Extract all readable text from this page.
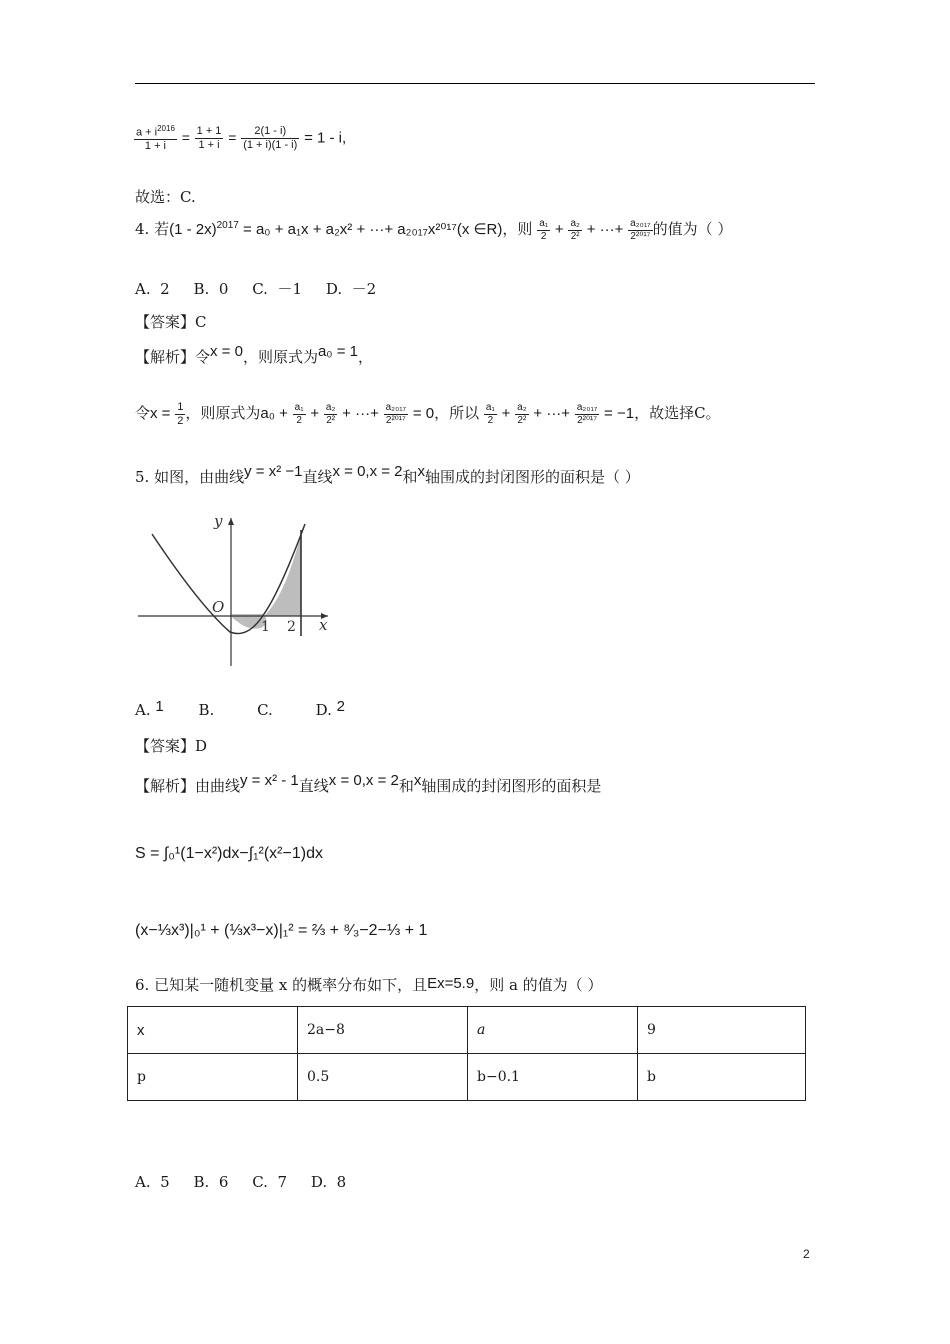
$\frac{a + i^{2016}}{1 + i} = \frac{1 + 1}{1 + i} = \frac{2(1 - i)}{(1 + i)(1 - i)} = 1 - i$,
故选：C.
4. 若(1 - 2x)$^{2017}$ = a₀ + a₁x + a₂x² + ···+ a₂₀₁₇x²⁰¹⁷(x ∈R)，则 $\frac{\text{a₁}}{2} + \frac{\text{a₂}}{\text{2²}}$ + ···+ $\frac{\text{a₂₀₁₇}}{\text{2²⁰¹⁷}}$ 的值为（ ）
A.  2     B.  0     C.  －1     D.  －2
【答案】C
【解析】令x = 0，则原式为a₀ = 1，
令$x = \frac{1}{2}$ ，则原式为$a_0 + \frac{\text{a₁}}{2} + \frac{\text{a₂}}{\text{2²}}$ + ···+ $\frac{\text{a₂₀₁₇}}{\text{2²⁰¹⁷}} = 0$，所以 $\frac{\text{a₁}}{2} + \frac{\text{a₂}}{\text{2²}}$ + ···+ $\frac{\text{a₂₀₁₇}}{\text{2²⁰¹⁷}} = -1$，故选择C。
5. 如图，由曲线y = x² −1直线x = 0,x = 2和x轴围成的封闭图形的面积是（ ）
y
x
O
1 2
A. 1 B.	C.	D. 2
【答案】D
【解析】由曲线y = x² - 1直线x = 0,x = 2和x轴围成的封闭图形的面积是
S = ∫₀¹(1−x²)dx−∫₁²(x²−1)dx
(x−⅓x³)|₀¹ + (⅓x³−x)|₁² = ⅔ + ⁸⁄₃−2−⅓ + 1
6. 已知某一随机变量 x 的概率分布如下，且Ex=5.9，则 a 的值为（ ）
x	2a−8	a	9
p	0.5	b−0.1	b
A.  5     B.  6     C.  7     D.  8
2
